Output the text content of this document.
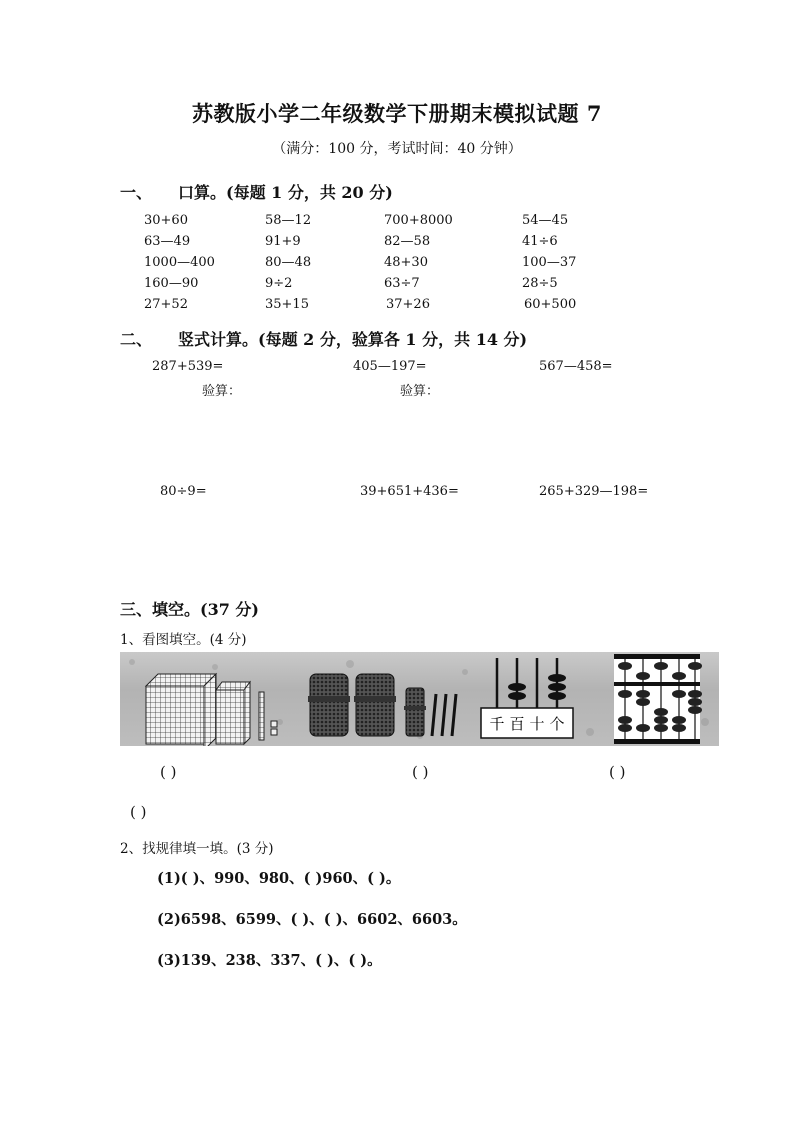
苏教版小学二年级数学下册期末模拟试题 7
（满分：100 分，考试时间：40 分钟）
一、 口算。(每题 1 分，共 20 分)
30+60	58—12	700+8000	54—45
63—49	91+9	82—58	41÷6
1000—400	80—48	48+30	100—37
160—90	9÷2	63÷7	28÷5
27+52	35+15	37+26	60+500
二、 竖式计算。(每题 2 分，验算各 1 分，共 14 分)
287+539=	405—197=	567—458=
验算：	验算：
80÷9=	39+651+436=	265+329—198=
三、填空。(37 分)
1、看图填空。(4 分)
千 百 十 个
( )	( )	( )
( )
2、找规律填一填。(3 分)
(1)( )、990、980、( )960、( )。
(2)6598、6599、( )、( )、6602、6603。
(3)139、238、337、( )、( )。
